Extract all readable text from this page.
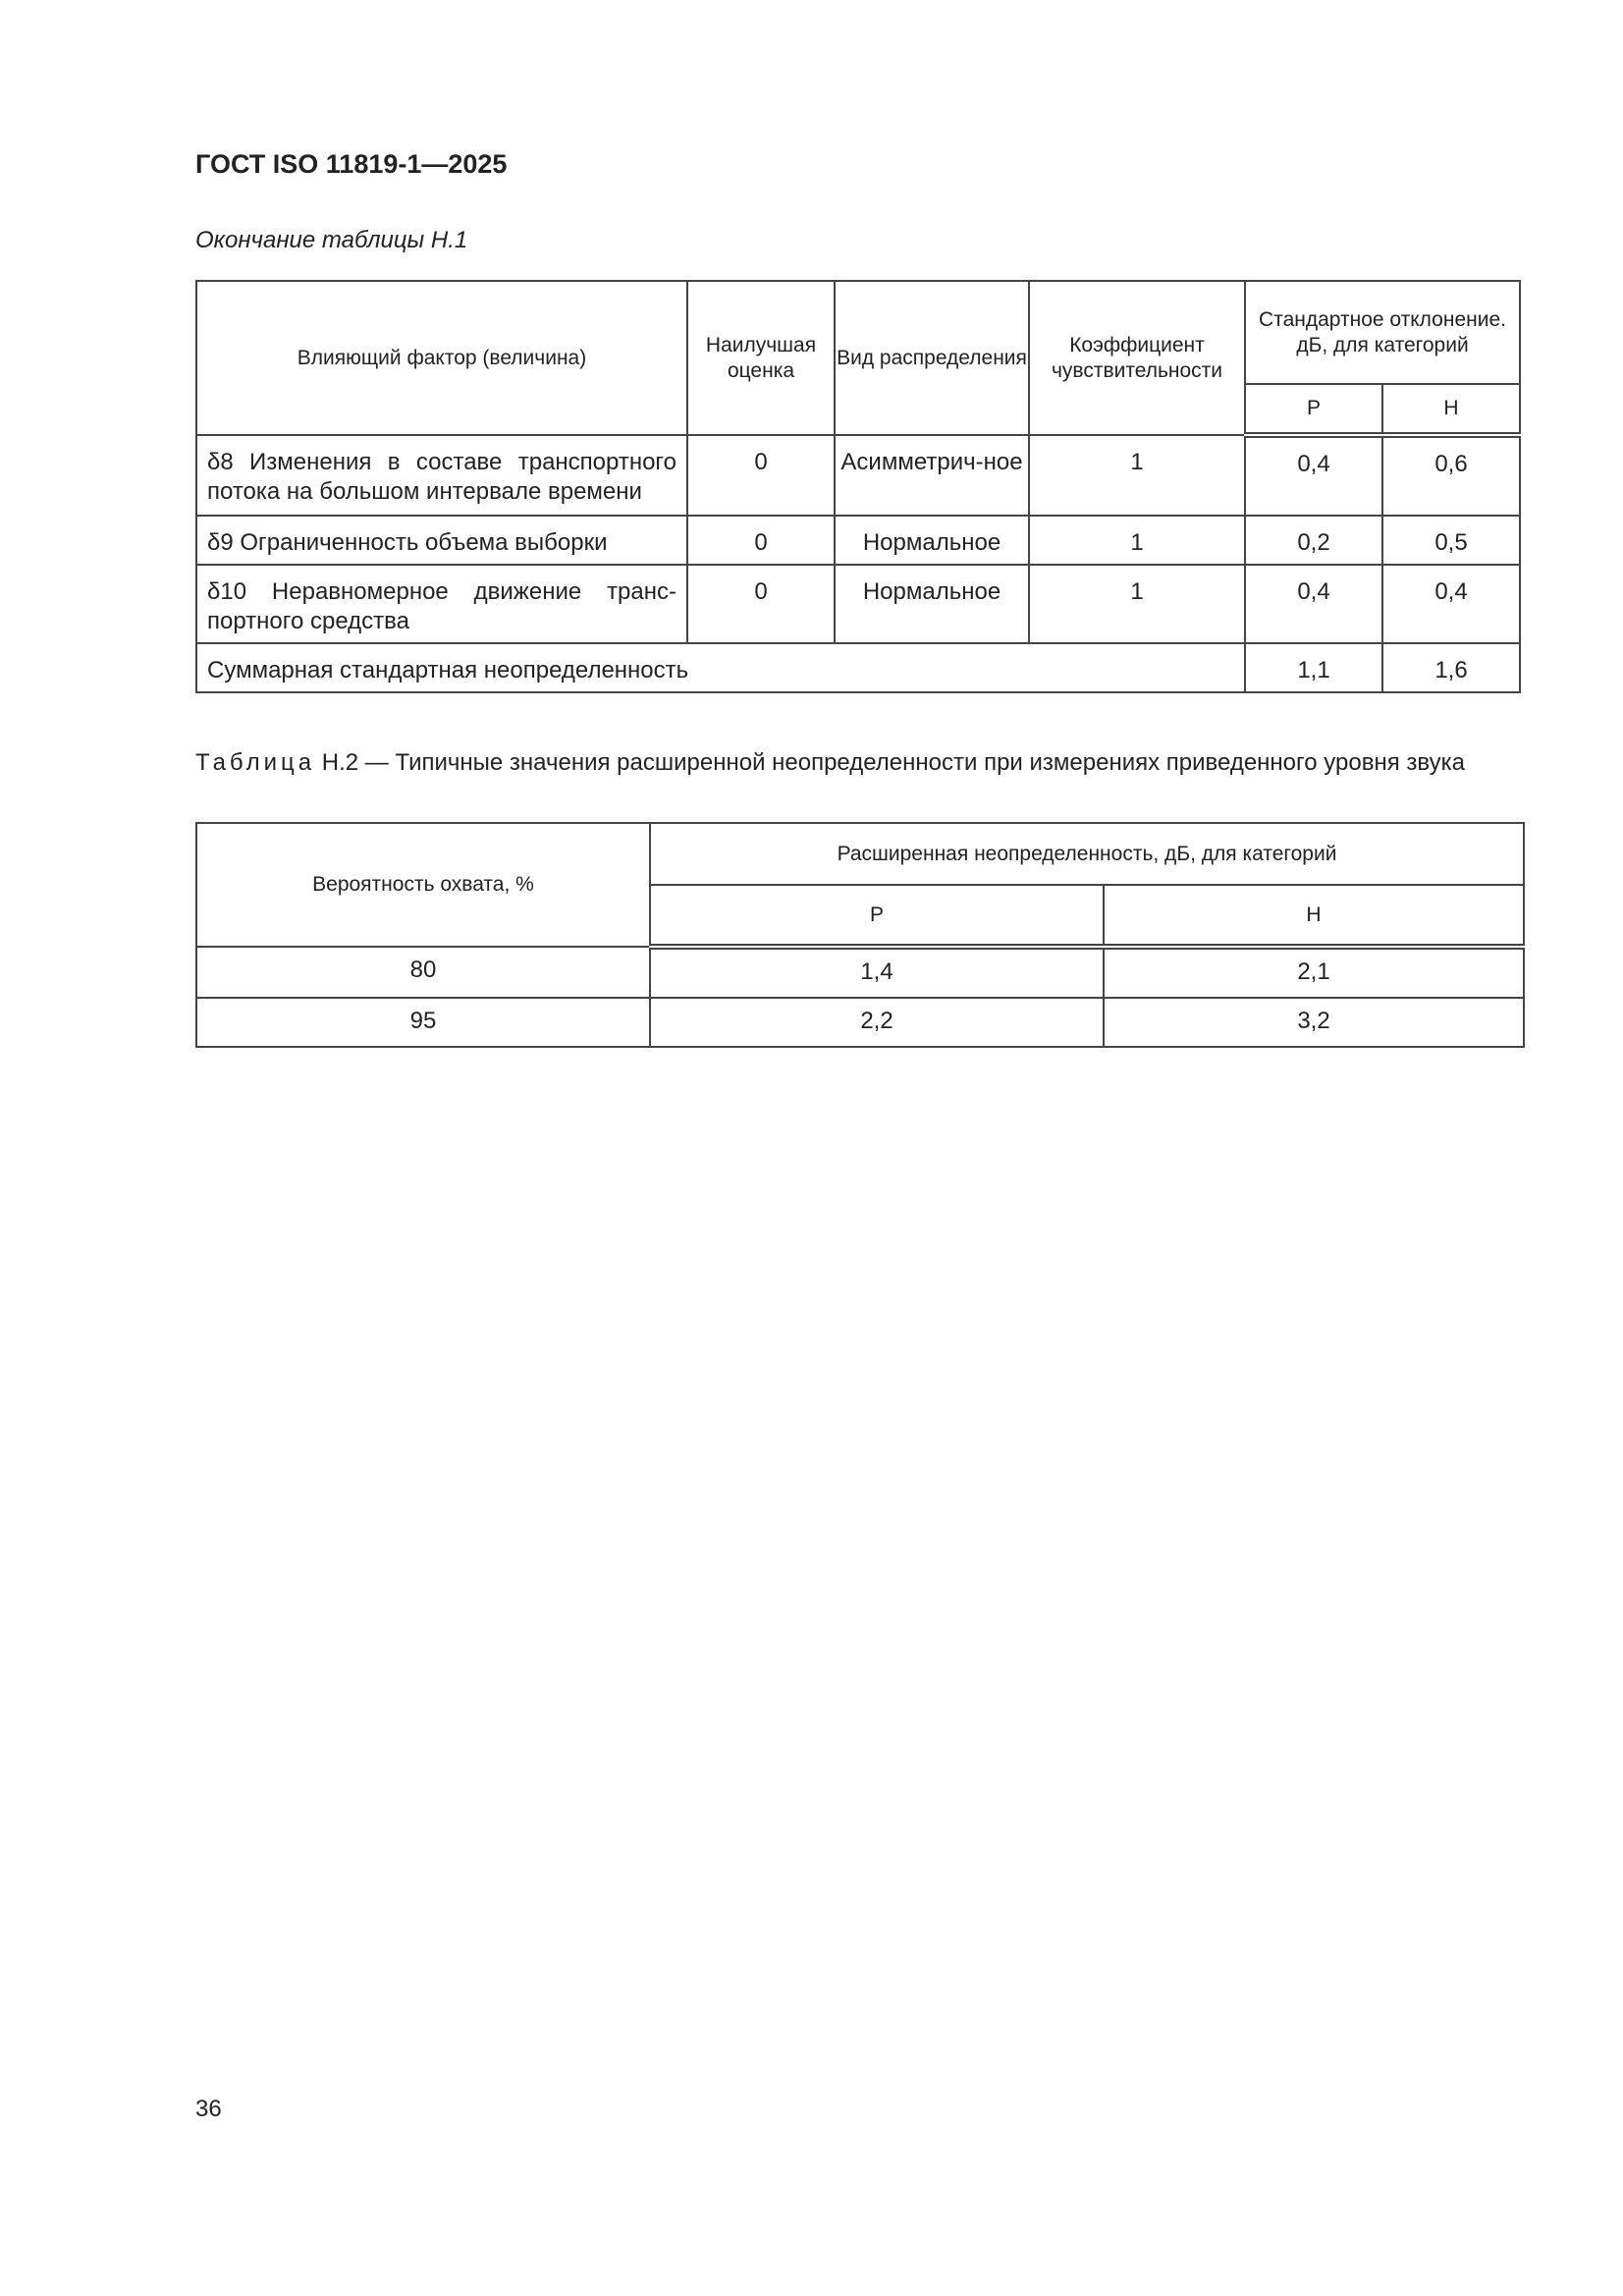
ГОСТ ISO 11819-1—2025
Окончание таблицы Н.1
Влияющий фактор (величина)	Наилучшая оценка	Вид распределения	Коэффициент чувствительности	Стандартное отклонение. дБ, для категорий	
				Р	Н
δ8 Изменения в составе транспортного потока на большом интервале времени	0	Асимметрич-ное	1	0,4	0,6
δ9 Ограниченность объема выборки	0	Нормальное	1	0,2	0,5
δ10 Неравномерное движение транс-портного средства	0	Нормальное	1	0,4	0,4
Суммарная стандартная неопределенность				1,1	1,6
Таблица Н.2 — Типичные значения расширенной неопределенности при измерениях приведенного уровня звука
Вероятность охвата, %	Расширенная неопределенность, дБ, для категорий	
	Р	Н
80	1,4	2,1
95	2,2	3,2
36
